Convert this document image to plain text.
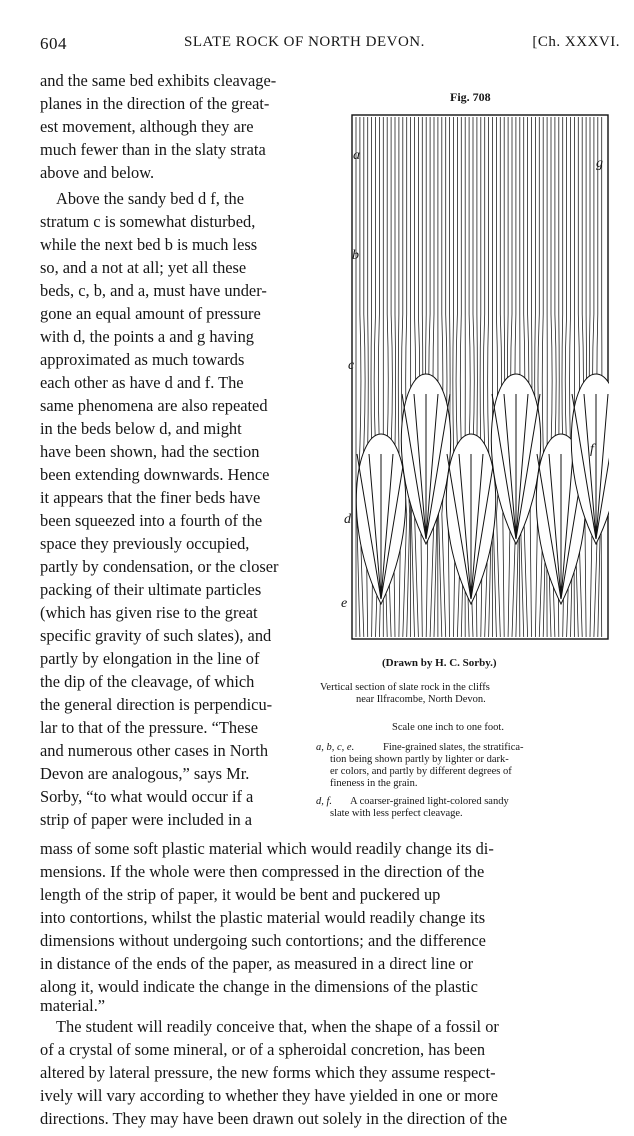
604	SLATE ROCK OF NORTH DEVON.	[Ch. XXXVI.
and the same bed exhibits cleavage-
planes in the direction of the great-
est movement, although they are
much fewer than in the slaty strata
above and below.
Above the sandy bed d f, the
stratum c is somewhat disturbed,
while the next bed b is much less
so, and a not at all; yet all these
beds, c, b, and a, must have under-
gone an equal amount of pressure
with d, the points a and g having
approximated as much towards
each other as have d and f. The
same phenomena are also repeated
in the beds below d, and might
have been shown, had the section
been extending downwards. Hence
it appears that the finer beds have
been squeezed into a fourth of the
space they previously occupied,
partly by condensation, or the closer
packing of their ultimate particles
(which has given rise to the great
specific gravity of such slates), and
partly by elongation in the line of
the dip of the cleavage, of which
the general direction is perpendicu-
lar to that of the pressure. “These
and numerous other cases in North
Devon are analogous,” says Mr.
Sorby, “to what would occur if a
strip of paper were included in a
Fig. 708
a
g
b
c
f
d
e
(Drawn by H. C. Sorby.)
Vertical section of slate rock in the cliffs
near Ilfracombe, North Devon.
Scale one inch to one foot.
a, b, c, e.	Fine-grained slates, the stratifica-
tion being shown partly by lighter or dark-
er colors, and partly by different degrees of
fineness in the grain.
d, f. A coarser-grained light-colored sandy
slate with less perfect cleavage.
mass of some soft plastic material which would readily change its di-
mensions. If the whole were then compressed in the direction of the
length of the strip of paper, it would be bent and puckered up
into contortions, whilst the plastic material would readily change its
dimensions without undergoing such contortions; and the difference
in distance of the ends of the paper, as measured in a direct line or
along it, would indicate the change in the dimensions of the plastic
material.”
The student will readily conceive that, when the shape of a fossil or
of a crystal of some mineral, or of a spheroidal concretion, has been
altered by lateral pressure, the new forms which they assume respect-
ively will vary according to whether they have yielded in one or more
directions. They may have been drawn out solely in the direction of the
